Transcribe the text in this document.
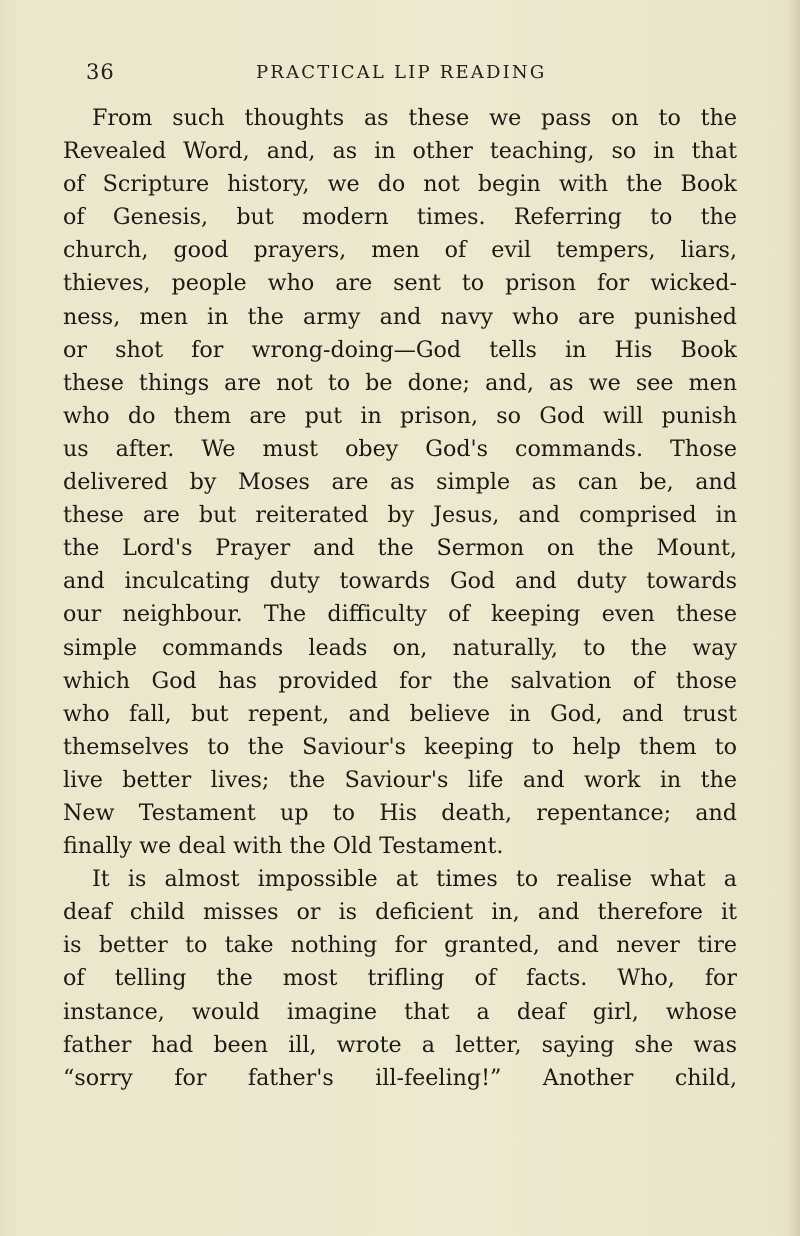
36	PRACTICAL LIP READING
From such thoughts as these we pass on to the
Revealed Word, and, as in other teaching, so in that
of Scripture history, we do not begin with the Book
of Genesis, but modern times. Referring to the
church, good prayers, men of evil tempers, liars,
thieves, people who are sent to prison for wicked-
ness, men in the army and navy who are punished
or shot for wrong-doing—God tells in His Book
these things are not to be done; and, as we see men
who do them are put in prison, so God will punish
us after. We must obey God's commands. Those
delivered by Moses are as simple as can be, and
these are but reiterated by Jesus, and comprised in
the Lord's Prayer and the Sermon on the Mount,
and inculcating duty towards God and duty towards
our neighbour. The difficulty of keeping even these
simple commands leads on, naturally, to the way
which God has provided for the salvation of those
who fall, but repent, and believe in God, and trust
themselves to the Saviour's keeping to help them to
live better lives; the Saviour's life and work in the
New Testament up to His death, repentance; and
finally we deal with the Old Testament.
It is almost impossible at times to realise what a
deaf child misses or is deficient in, and therefore it
is better to take nothing for granted, and never tire
of telling the most trifling of facts. Who, for
instance, would imagine that a deaf girl, whose
father had been ill, wrote a letter, saying she was
“sorry for father's ill-feeling!” Another child,
